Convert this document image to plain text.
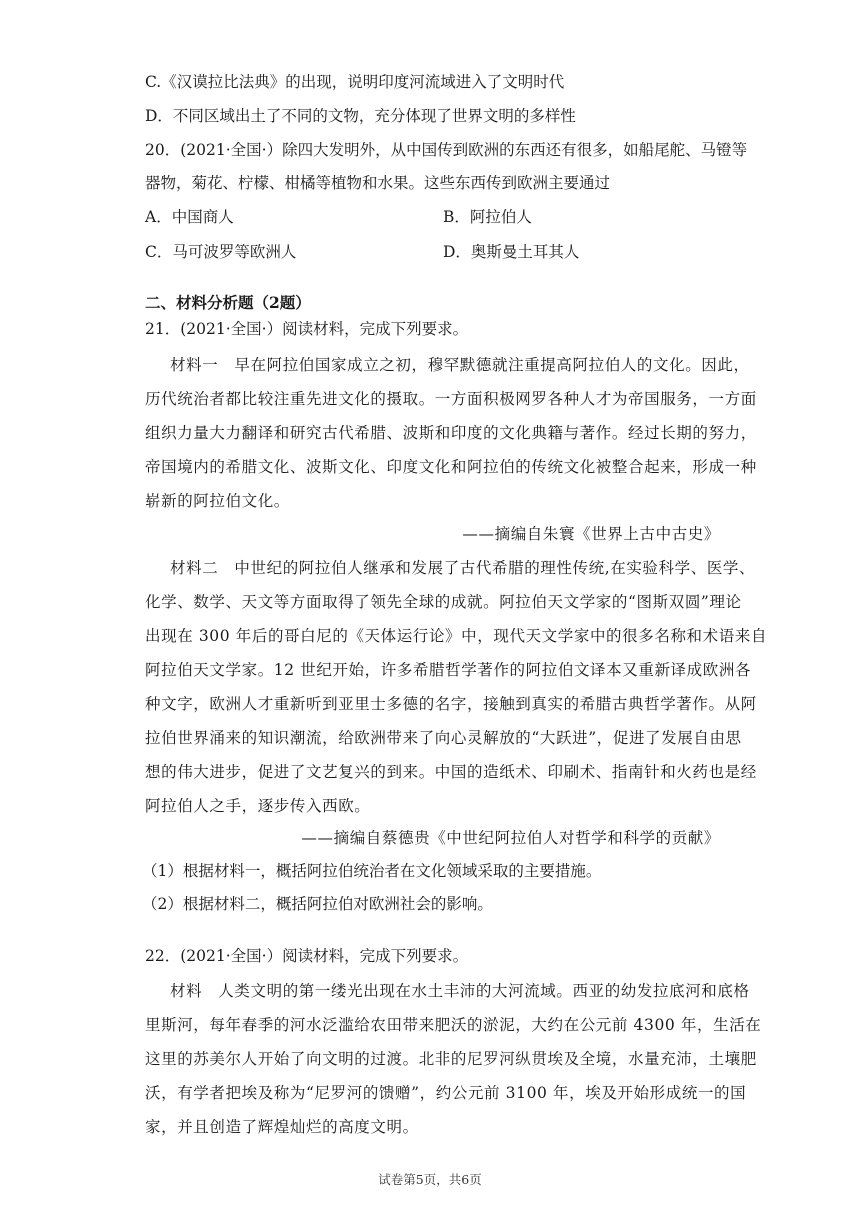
C.《汉谟拉比法典》的出现，说明印度河流域进入了文明时代
D．不同区域出土了不同的文物，充分体现了世界文明的多样性
20．(2021·全国·）除四大发明外，从中国传到欧洲的东西还有很多，如船尾舵、马镫等
器物，菊花、柠檬、柑橘等植物和水果。这些东西传到欧洲主要通过
A．中国商人	B．阿拉伯人
C．马可波罗等欧洲人	D．奥斯曼土耳其人
二、材料分析题（2题）
21．(2021·全国·）阅读材料，完成下列要求。
材料一　早在阿拉伯国家成立之初，穆罕默德就注重提高阿拉伯人的文化。因此，
历代统治者都比较注重先进文化的摄取。一方面积极网罗各种人才为帝国服务，一方面
组织力量大力翻译和研究古代希腊、波斯和印度的文化典籍与著作。经过长期的努力，
帝国境内的希腊文化、波斯文化、印度文化和阿拉伯的传统文化被整合起来，形成一种
崭新的阿拉伯文化。
——摘编自朱寰《世界上古中古史》
材料二　中世纪的阿拉伯人继承和发展了古代希腊的理性传统,在实验科学、医学、
化学、数学、天文等方面取得了领先全球的成就。阿拉伯天文学家的“图斯双圆”理论
出现在 300 年后的哥白尼的《天体运行论》中，现代天文学家中的很多名称和术语来自
阿拉伯天文学家。12 世纪开始，许多希腊哲学著作的阿拉伯文译本又重新译成欧洲各
种文字，欧洲人才重新听到亚里士多德的名字，接触到真实的希腊古典哲学著作。从阿
拉伯世界涌来的知识潮流，给欧洲带来了向心灵解放的“大跃进”，促进了发展自由思
想的伟大进步，促进了文艺复兴的到来。中国的造纸术、印刷术、指南针和火药也是经
阿拉伯人之手，逐步传入西欧。
——摘编自蔡德贵《中世纪阿拉伯人对哲学和科学的贡献》
（1）根据材料一，概括阿拉伯统治者在文化领域采取的主要措施。
（2）根据材料二，概括阿拉伯对欧洲社会的影响。
22．(2021·全国·）阅读材料，完成下列要求。
材料　人类文明的第一缕光出现在水土丰沛的大河流域。西亚的幼发拉底河和底格
里斯河，每年春季的河水泛滥给农田带来肥沃的淤泥，大约在公元前 4300 年，生活在
这里的苏美尔人开始了向文明的过渡。北非的尼罗河纵贯埃及全境，水量充沛，土壤肥
沃，有学者把埃及称为“尼罗河的馈赠”，约公元前 3100 年，埃及开始形成统一的国
家，并且创造了辉煌灿烂的高度文明。
试卷第5页，共6页
